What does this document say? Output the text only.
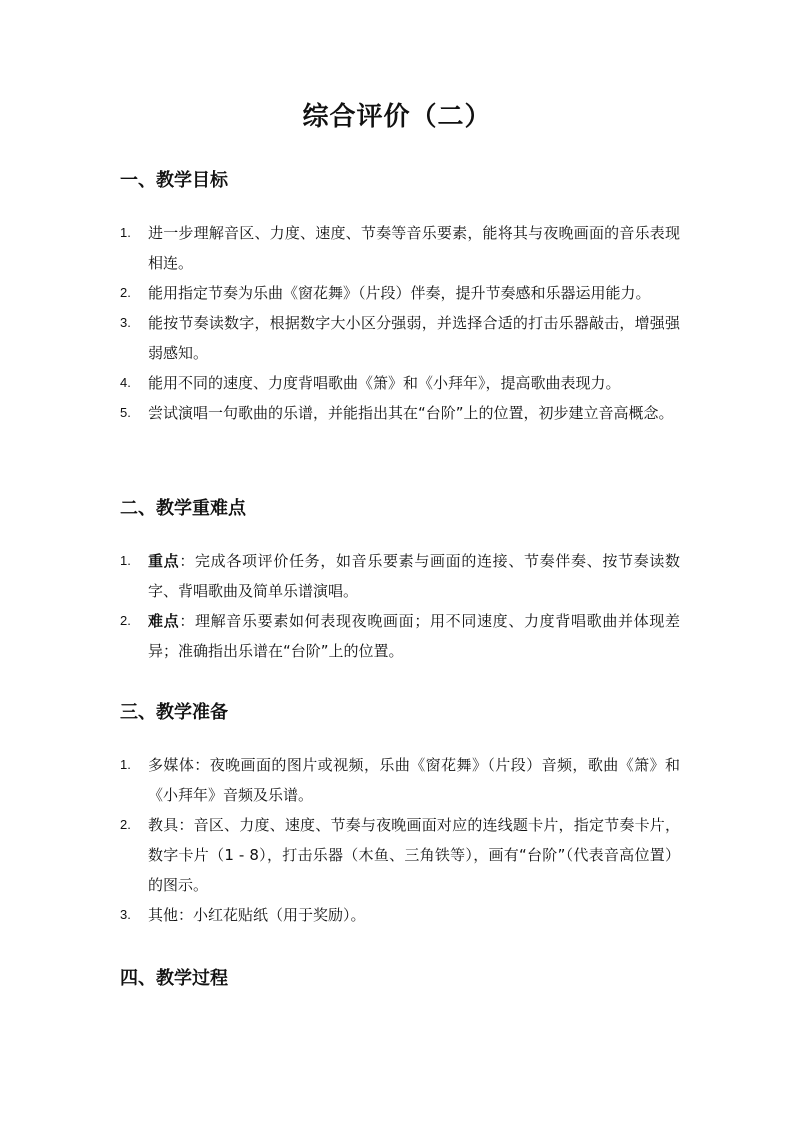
综合评价（二）
一、教学目标
1.	进一步理解音区、力度、速度、节奏等音乐要素，能将其与夜晚画面的音乐表现相连。
2.	能用指定节奏为乐曲《窗花舞》（片段）伴奏，提升节奏感和乐器运用能力。
3.	能按节奏读数字，根据数字大小区分强弱，并选择合适的打击乐器敲击，增强强弱感知。
4.	能用不同的速度、力度背唱歌曲《箫》和《小拜年》，提高歌曲表现力。
5.	尝试演唱一句歌曲的乐谱，并能指出其在“台阶”上的位置，初步建立音高概念。
二、教学重难点
1.	重点：完成各项评价任务，如音乐要素与画面的连接、节奏伴奏、按节奏读数字、背唱歌曲及简单乐谱演唱。
2.	难点：理解音乐要素如何表现夜晚画面；用不同速度、力度背唱歌曲并体现差异；准确指出乐谱在“台阶”上的位置。
三、教学准备
1.	多媒体：夜晚画面的图片或视频，乐曲《窗花舞》（片段）音频，歌曲《箫》和《小拜年》音频及乐谱。
2.	教具：音区、力度、速度、节奏与夜晚画面对应的连线题卡片，指定节奏卡片，数字卡片（1 - 8），打击乐器（木鱼、三角铁等），画有“台阶”（代表音高位置）的图示。
3.	其他：小红花贴纸（用于奖励）。
四、教学过程
